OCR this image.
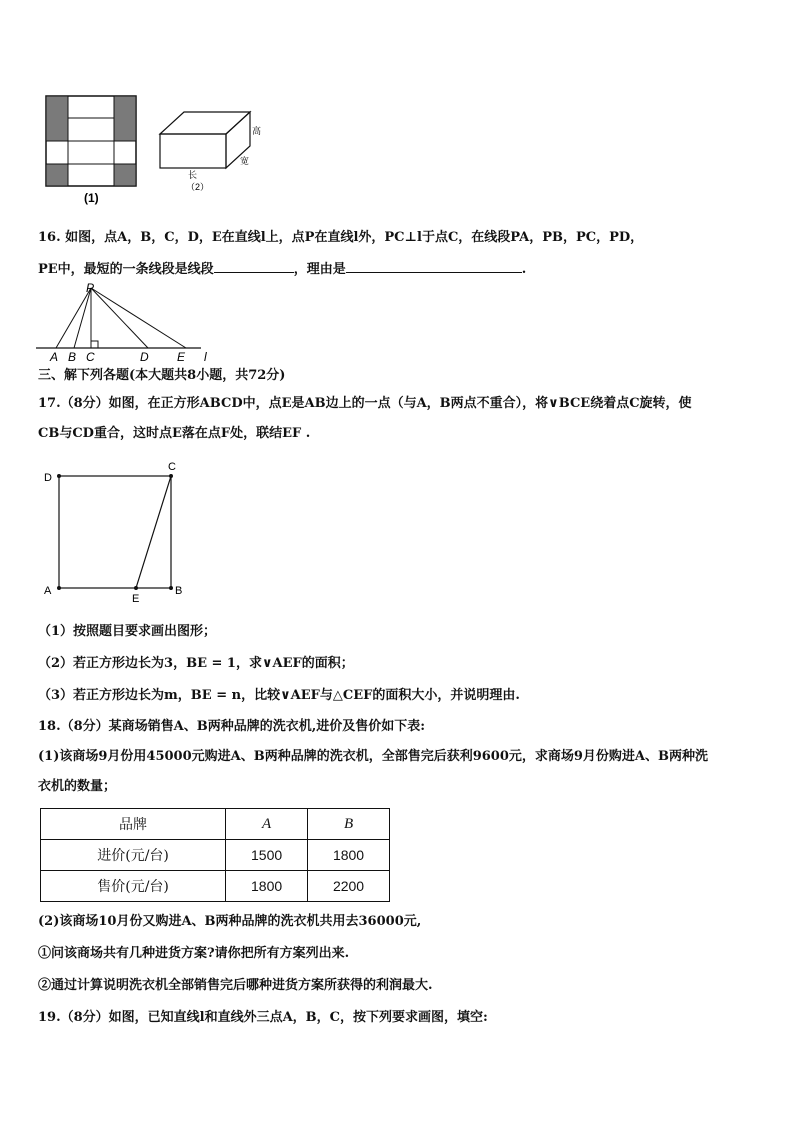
(1)
高
宽
长
（2）
16. 如图，点A，B，C，D，E在直线l上，点P在直线l外，PC⊥l于点C，在线段PA，PB，PC，PD，
PE中，最短的一条线段是线段	，理由是	.
P
A B C	D E l
三、解下列各题(本大题共8小题，共72分)
17.（8分）如图，在正方形ABCD中，点E是AB边上的一点（与A，B两点不重合），将∨BCE绕着点C旋转，使
CB与CD重合，这时点E落在点F处，联结EF .
D
C
A
E
B
（1）按照题目要求画出图形；
（2）若正方形边长为3，BE = 1，求∨AEF的面积；
（3）若正方形边长为m，BE = n，比较∨AEF与△CEF的面积大小，并说明理由.
18.（8分）某商场销售A、B两种品牌的洗衣机,进价及售价如下表:
(1)该商场9月份用45000元购进A、B两种品牌的洗衣机，全部售完后获利9600元，求商场9月份购进A、B两种洗
衣机的数量；
品牌	A	B
进价(元/台)	1500	1800
售价(元/台)	1800	2200
(2)该商场10月份又购进A、B两种品牌的洗衣机共用去36000元,
①问该商场共有几种进货方案?请你把所有方案列出来.
②通过计算说明洗衣机全部销售完后哪种进货方案所获得的利润最大.
19.（8分）如图，已知直线l和直线外三点A，B，C，按下列要求画图，填空:
